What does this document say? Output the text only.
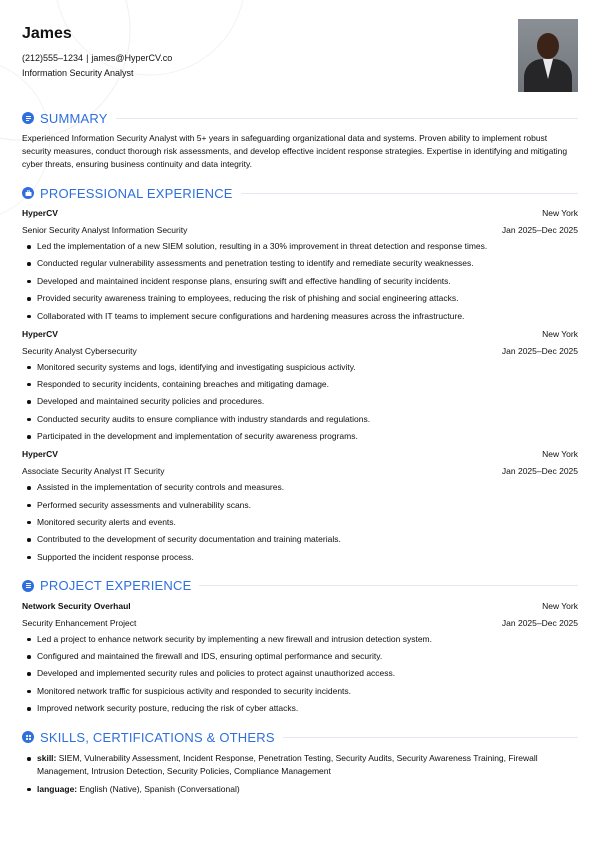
James
(212)555–1234 | james@HyperCV.co
Information Security Analyst
SUMMARY
Experienced Information Security Analyst with 5+ years in safeguarding organizational data and systems. Proven ability to implement robust security measures, conduct thorough risk assessments, and develop effective incident response strategies. Expertise in identifying and mitigating cyber threats, ensuring business continuity and data integrity.
PROFESSIONAL EXPERIENCE
HyperCV	New York
Senior Security Analyst Information Security	Jan 2025–Dec 2025
Led the implementation of a new SIEM solution, resulting in a 30% improvement in threat detection and response times.
Conducted regular vulnerability assessments and penetration testing to identify and remediate security weaknesses.
Developed and maintained incident response plans, ensuring swift and effective handling of security incidents.
Provided security awareness training to employees, reducing the risk of phishing and social engineering attacks.
Collaborated with IT teams to implement secure configurations and hardening measures across the infrastructure.
HyperCV	New York
Security Analyst Cybersecurity	Jan 2025–Dec 2025
Monitored security systems and logs, identifying and investigating suspicious activity.
Responded to security incidents, containing breaches and mitigating damage.
Developed and maintained security policies and procedures.
Conducted security audits to ensure compliance with industry standards and regulations.
Participated in the development and implementation of security awareness programs.
HyperCV	New York
Associate Security Analyst IT Security	Jan 2025–Dec 2025
Assisted in the implementation of security controls and measures.
Performed security assessments and vulnerability scans.
Monitored security alerts and events.
Contributed to the development of security documentation and training materials.
Supported the incident response process.
PROJECT EXPERIENCE
Network Security Overhaul	New York
Security Enhancement Project	Jan 2025–Dec 2025
Led a project to enhance network security by implementing a new firewall and intrusion detection system.
Configured and maintained the firewall and IDS, ensuring optimal performance and security.
Developed and implemented security rules and policies to protect against unauthorized access.
Monitored network traffic for suspicious activity and responded to security incidents.
Improved network security posture, reducing the risk of cyber attacks.
SKILLS, CERTIFICATIONS & OTHERS
skill: SIEM, Vulnerability Assessment, Incident Response, Penetration Testing, Security Audits, Security Awareness Training, Firewall Management, Intrusion Detection, Security Policies, Compliance Management
language: English (Native), Spanish (Conversational)
